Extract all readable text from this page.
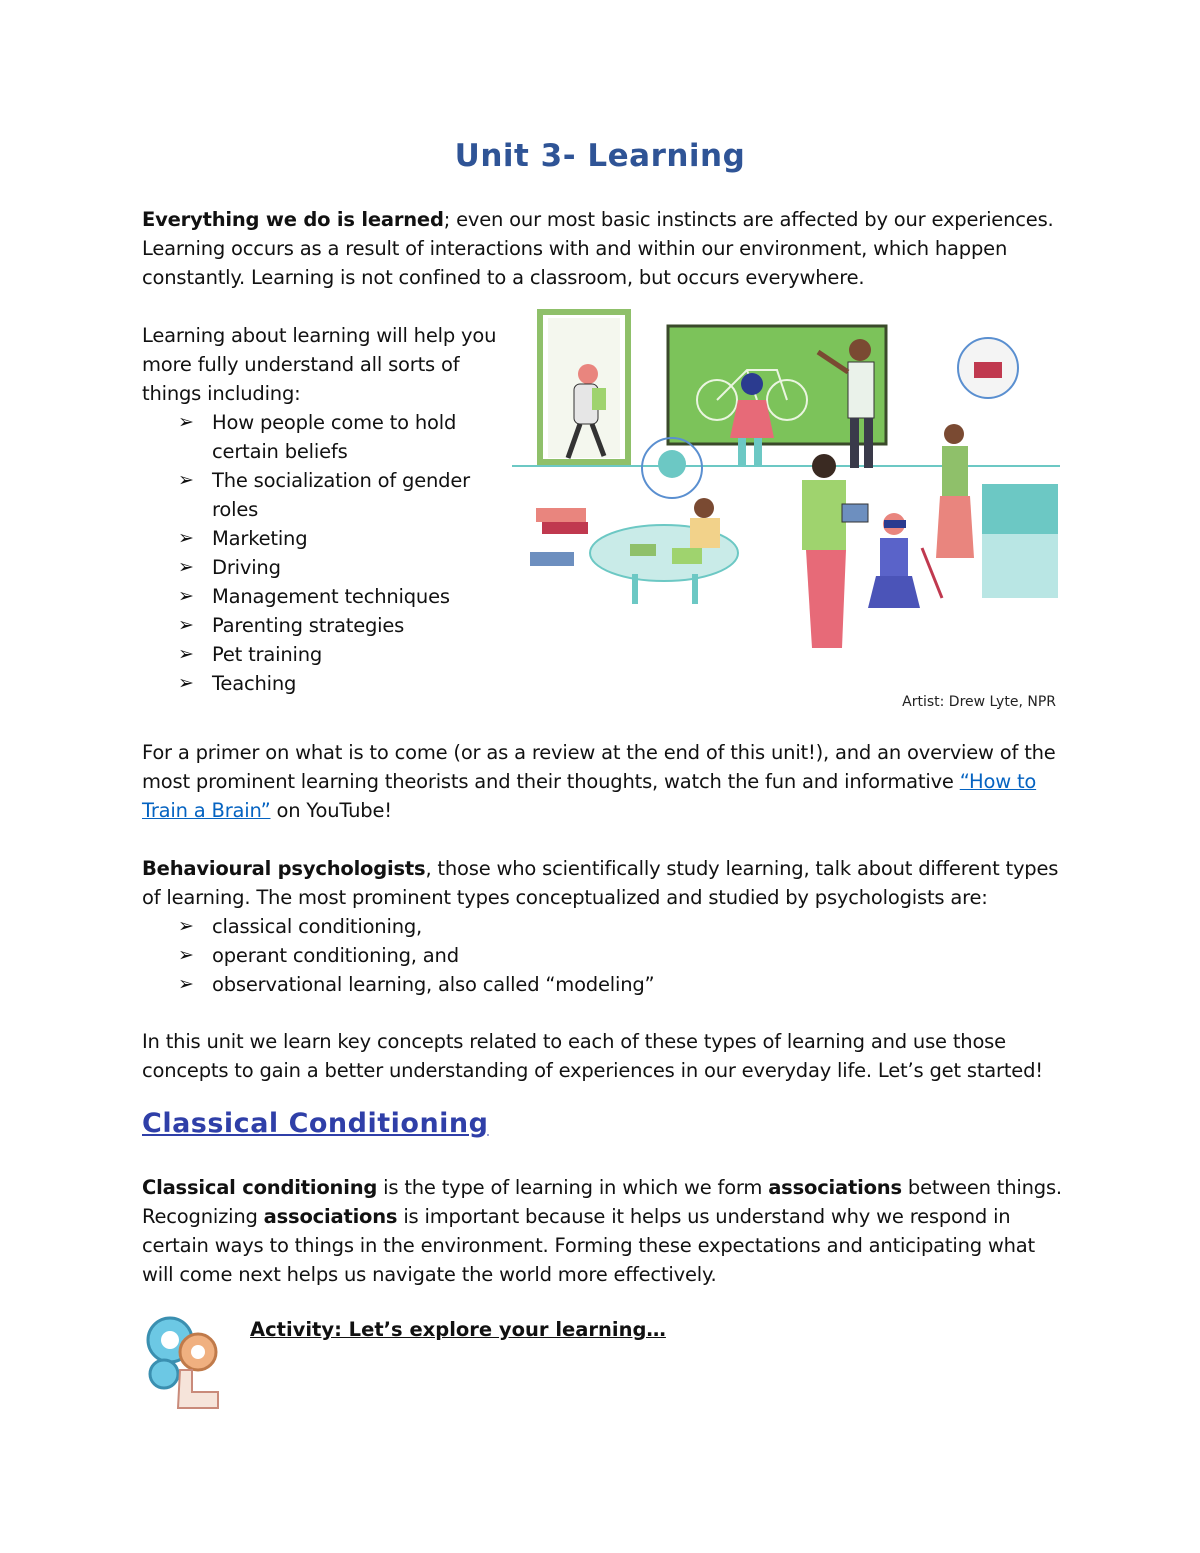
Unit 3- Learning

Everything we do is learned; even our most basic instincts are affected by our experiences. Learning occurs as a result of interactions with and within our environment, which happen constantly. Learning is not confined to a classroom, but occurs everywhere.

Learning about learning will help you more fully understand all sorts of things including:

➢ How people come to hold certain beliefs
➢ The socialization of gender roles
➢ Marketing
➢ Driving
➢ Management techniques
➢ Parenting strategies
➢ Pet training
➢ Teaching
Artist: Drew Lyte, NPR

For a primer on what is to come (or as a review at the end of this unit!), and an overview of the most prominent learning theorists and their thoughts, watch the fun and informative “How to Train a Brain” on YouTube!

Behavioural psychologists, those who scientifically study learning, talk about different types of learning. The most prominent types conceptualized and studied by psychologists are:

➢ classical conditioning,
➢ operant conditioning, and
➢ observational learning, also called “modeling”

In this unit we learn key concepts related to each of these types of learning and use those concepts to gain a better understanding of experiences in our everyday life. Let’s get started!

Classical Conditioning

Classical conditioning is the type of learning in which we form associations between things. Recognizing associations is important because it helps us understand why we respond in certain ways to things in the environment. Forming these expectations and anticipating what will come next helps us navigate the world more effectively.

Activity: Let’s explore your learning…
